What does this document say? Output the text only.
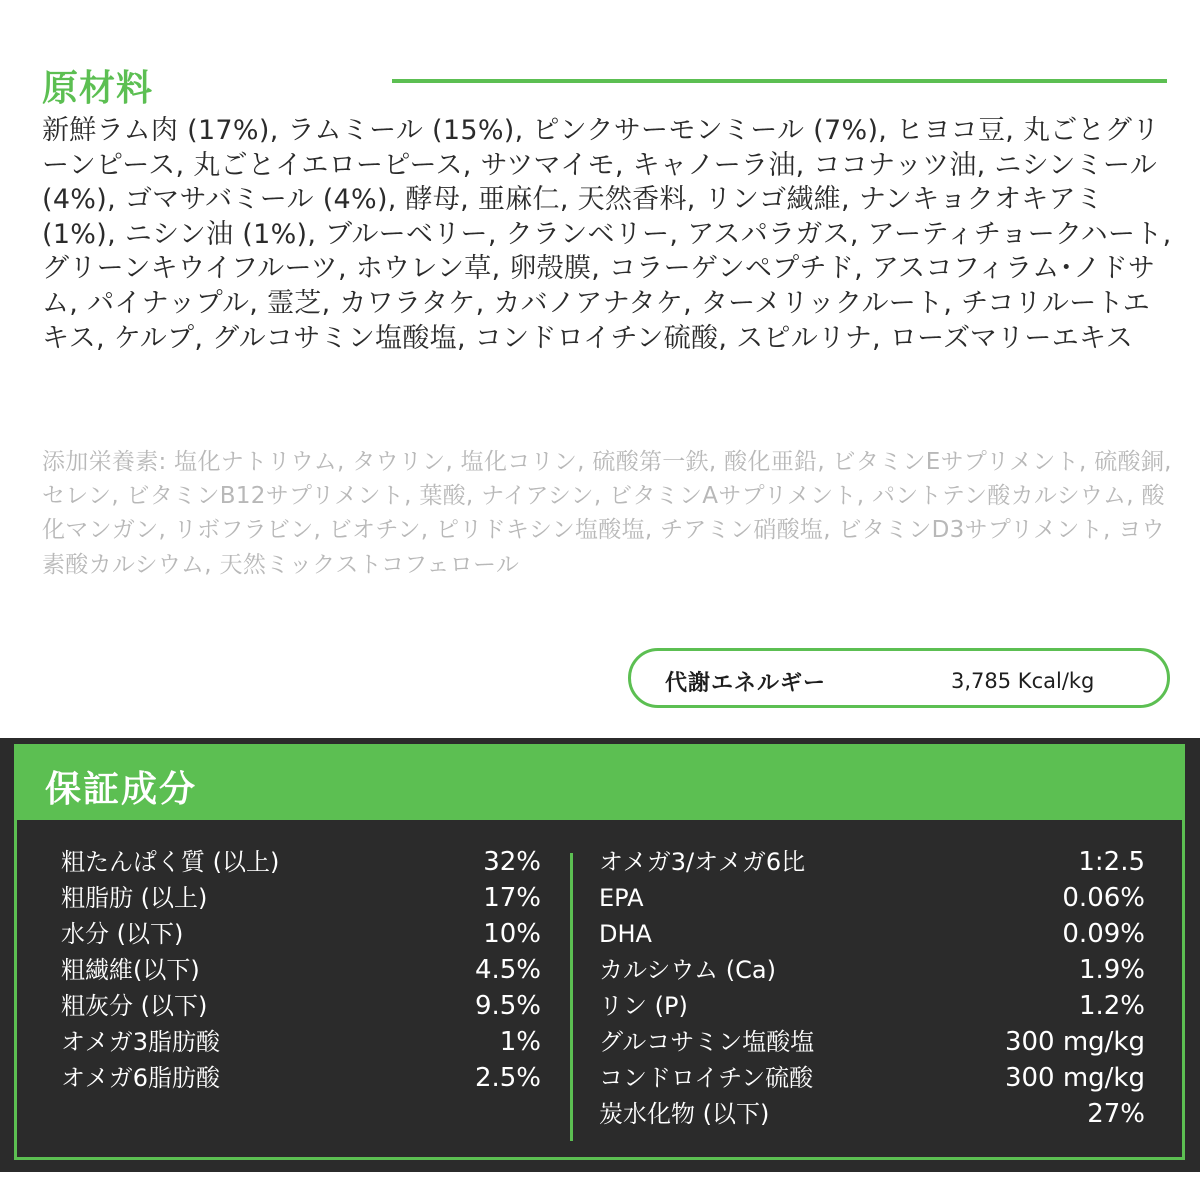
原材料

新鮮ラム肉 (17%), ラムミール (15%), ピンクサーモンミール (7%), ヒヨコ豆, 丸ごとグリーンピース, 丸ごとイエローピース, サツマイモ, キャノーラ油, ココナッツ油, ニシンミール (4%), ゴマサバミール (4%), 酵母, 亜麻仁, 天然香料, リンゴ繊維, ナンキョクオキアミ (1%), ニシン油 (1%), ブルーベリー, クランベリー, アスパラガス, アーティチョークハート, グリーンキウイフルーツ, ホウレン草, 卵殻膜, コラーゲンペプチド, アスコフィラム･ノドサム, パイナップル, 霊芝, カワラタケ, カバノアナタケ, ターメリックルート, チコリルートエキス, ケルプ, グルコサミン塩酸塩, コンドロイチン硫酸, スピルリナ, ローズマリーエキス

添加栄養素: 塩化ナトリウム, タウリン, 塩化コリン, 硫酸第一鉄, 酸化亜鉛, ビタミンEサプリメント, 硫酸銅, セレン, ビタミンB12サプリメント, 葉酸, ナイアシン, ビタミンAサプリメント, パントテン酸カルシウム, 酸化マンガン, リボフラビン, ビオチン, ピリドキシン塩酸塩, チアミン硝酸塩, ビタミンD3サプリメント, ヨウ素酸カルシウム, 天然ミックストコフェロール

代謝エネルギー	3,785 Kcal/kg
保証成分
粗たんぱく質 (以上)	32%
粗脂肪 (以上)	17%
水分 (以下)	10%
粗繊維(以下)	4.5%
粗灰分 (以下)	9.5%
オメガ3脂肪酸	1%
オメガ6脂肪酸	2.5%
オメガ3/オメガ6比	1:2.5
EPA	0.06%
DHA	0.09%
カルシウム (Ca)	1.9%
リン (P)	1.2%
グルコサミン塩酸塩	300 mg/kg
コンドロイチン硫酸	300 mg/kg
炭水化物 (以下)	27%
